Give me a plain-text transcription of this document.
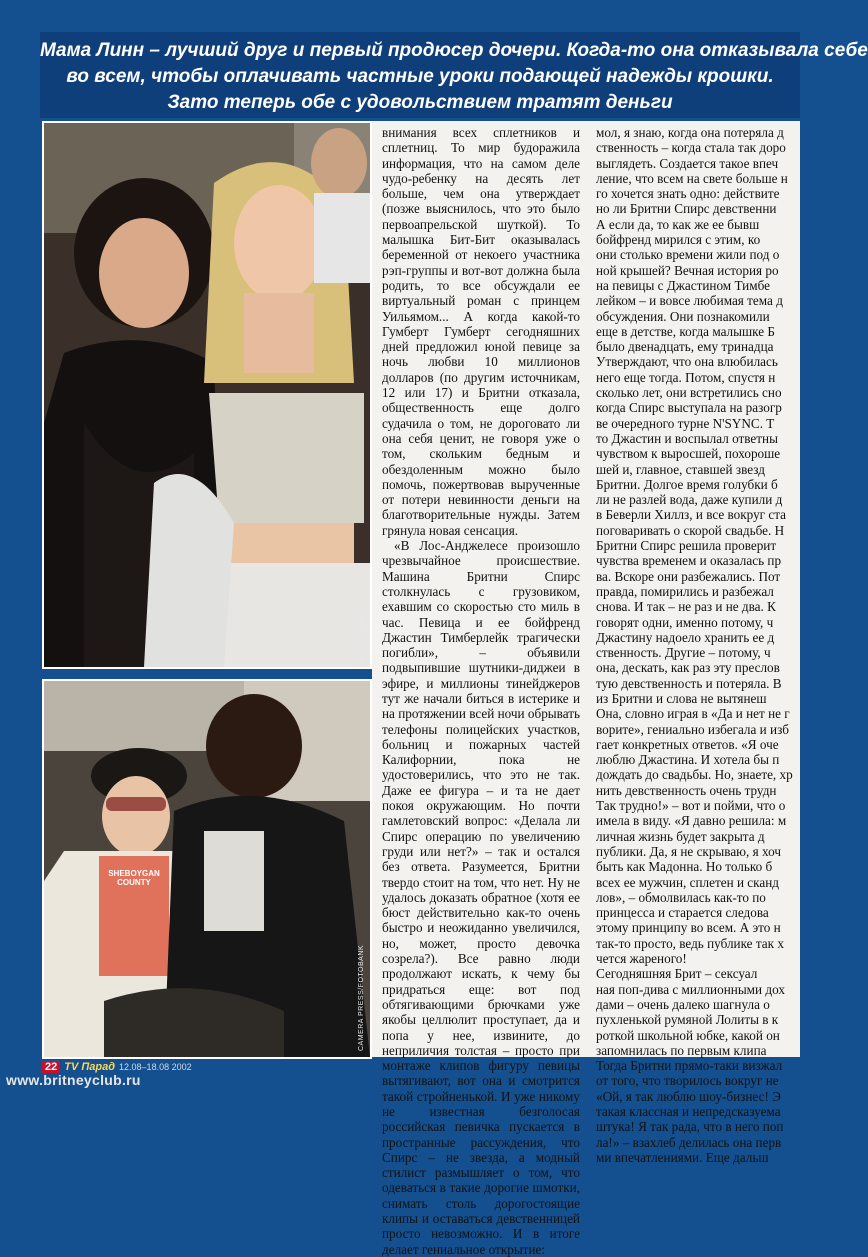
Мама Линн – лучший друг и первый продюсер дочери. Когда-то она отказывала себе

во всем, чтобы оплачивать частные уроки подающей надежды крошки.

Зато теперь обе с удовольствием тратят деньги

REX/FOTOBANK
SHEBOYGAN COUNTY
CAMERA PRESS/FOTOBANK

внимания всех сплетников и сплетниц. То мир будоражила информация, что на самом деле чудо-ребенку на десять лет больше, чем она утверждает (позже выяснилось, что это было первоапрельской шуткой). То малышка Бит-Бит оказывалась беременной от некоего участника рэп-группы и вот-вот должна была родить, то все обсуждали ее виртуальный роман с принцем Уильямом... А когда какой-то Гумберт Гумберт сегодняшних дней предложил юной певице за ночь любви 10 миллионов долларов (по другим источникам, 12 или 17) и Бритни отказала, общественность еще долго судачила о том, не дороговато ли она себя ценит, не говоря уже о том, скольким бедным и обездоленным можно было помочь, пожертвовав вырученные от потери невинности деньги на благотворительные нужды. Затем грянула новая сенсация.

«В Лос-Анджелесе произошло чрезвычайное происшествие. Машина Бритни Спирс столкнулась с грузовиком, ехавшим со скоростью сто миль в час. Певица и ее бойфренд Джастин Тимберлейк трагически погибли», – объявили подвыпившие шутники-диджеи в эфире, и миллионы тинейджеров тут же начали биться в истерике и на протяжении всей ночи обрывать телефоны полицейских участков, больниц и пожарных частей Калифорнии, пока не удостоверились, что это не так. Даже ее фигура – и та не дает покоя окружающим. Но почти гамлетовский вопрос: «Делала ли Спирс операцию по увеличению груди или нет?» – так и остался без ответа. Разумеется, Бритни твердо стоит на том, что нет. Ну не удалось доказать обратное (хотя ее бюст действительно как-то очень быстро и неожиданно увеличился, но, может, просто девочка созрела?). Все равно люди продолжают искать, к чему бы придраться еще: вот под обтягивающими брючками уже якобы целлюлит проступает, да и попа у нее, извините, до неприличия толстая – просто при монтаже клипов фигуру певицы вытягивают, вот она и смотрится такой стройненькой. И уже никому не известная безголосая российская певичка пускается в пространные рассуждения, что Спирс – не звезда, а модный стилист размышляет о том, что одеваться в такие дорогие шмотки, снимать столь дорогостоящие клипы и оставаться девственницей просто невозможно. И в итоге делает гениальное открытие:

мол, я знаю, когда она потеряла д
ственность – когда стала так доро
выглядеть. Создается такое впеч
ление, что всем на свете больше н
го хочется знать одно: действите
но ли Бритни Спирс девственни
А если да, то как же ее бывш
бойфренд мирился с этим, ко
они столько времени жили под о
ной крышей? Вечная история ро
на певицы с Джастином Тимбе
лейком – и вовсе любимая тема д
обсуждения. Они познакомили
еще в детстве, когда малышке Б
было двенадцать, ему тринадца
Утверждают, что она влюбилась
него еще тогда. Потом, спустя н
сколько лет, они встретились сно
когда Спирс выступала на разогр
ве очередного турне N'SYNC. Т
то Джастин и воспылал ответны
чувством к выросшей, похороше
шей и, главное, ставшей звезд
Бритни. Долгое время голубки б
ли не разлей вода, даже купили д
в Беверли Хиллз, и все вокруг ста
поговаривать о скорой свадьбе. Н
Бритни Спирс решила проверит
чувства временем и оказалась пр
ва. Вскоре они разбежались. Пот
правда, помирились и разбежал
снова. И так – не раз и не два. К
говорят одни, именно потому, ч
Джастину надоело хранить ее д
ственность. Другие – потому, ч
она, дескать, как раз эту преслов
тую девственность и потеряла. В
из Бритни и слова не вытянеш
Она, словно играя в «Да и нет не г
ворите», гениально избегала и изб
гает конкретных ответов. «Я оче
люблю Джастина. И хотела бы п
дождать до свадьбы. Но, знаете, хр
нить девственность очень трудн
Так трудно!» – вот и пойми, что о
имела в виду. «Я давно решила: м
личная жизнь будет закрыта д
публики. Да, я не скрываю, я хоч
быть как Мадонна. Но только б
всех ее мужчин, сплетен и сканд
лов», – обмолвилась как-то по
принцесса и старается следова
этому принципу во всем. А это н
так-то просто, ведь публике так х
чется жареного!
Сегодняшняя Брит – сексуал
ная поп-дива с миллионными дох
дами – очень далеко шагнула о
пухленькой румяной Лолиты в к
роткой школьной юбке, какой он
запомнилась по первым клипа
Тогда Бритни прямо-таки визжал
от того, что творилось вокруг не
«Ой, я так люблю шоу-бизнес! Э
такая классная и непредсказуема
штука! Я так рада, что в него поп
ла!» – взахлеб делилась она перв
ми впечатлениями. Еще дальш
22 TV Парад 12.08–18.08 2002
www.britneyclub.ru
